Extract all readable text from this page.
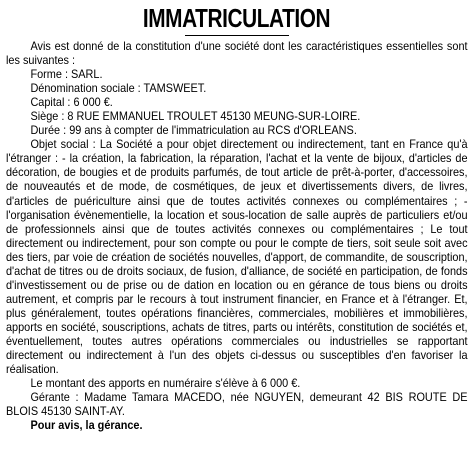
IMMATRICULATION

Avis est donné de la constitution d'une société dont les caractéristiques essentielles sont les suivantes :

Forme : SARL.

Dénomination sociale : TAMSWEET.

Capital : 6 000 €.

Siège : 8 RUE EMMANUEL TROULET 45130 MEUNG-SUR-LOIRE.

Durée : 99 ans à compter de l'immatriculation au RCS d'ORLEANS.

Objet social : La Société a pour objet directement ou indirectement, tant en France qu'à l'étranger : - la création, la fabrication, la réparation, l'achat et la vente de bijoux, d'articles de décoration, de bougies et de produits parfumés, de tout article de prêt-à-porter, d'accessoires, de nouveautés et de mode, de cosmétiques, de jeux et divertissements divers, de livres, d'articles de puériculture ainsi que de toutes activités connexes ou complémentaires ; - l'organisation évènementielle, la location et sous-location de salle auprès de particuliers et/ou de professionnels ainsi que de toutes activités connexes ou complémentaires ; Le tout directement ou indirectement, pour son compte ou pour le compte de tiers, soit seule soit avec des tiers, par voie de création de sociétés nouvelles, d'apport, de commandite, de souscription, d'achat de titres ou de droits sociaux, de fusion, d'alliance, de société en participation, de fonds d'investissement ou de prise ou de dation en location ou en gérance de tous biens ou droits autrement, et compris par le recours à tout instrument financier, en France et à l'étranger. Et, plus généralement, toutes opérations financières, commerciales, mobilières et immobilières, apports en société, souscriptions, achats de titres, parts ou intérêts, constitution de sociétés et, éventuellement, toutes autres opérations commerciales ou industrielles se rapportant directement ou indirectement à l'un des objets ci-dessus ou susceptibles d'en favoriser la réalisation.

Le montant des apports en numéraire s'élève à 6 000 €.

Gérante : Madame Tamara MACEDO, née NGUYEN, demeurant 42 BIS ROUTE DE BLOIS 45130 SAINT-AY.

Pour avis, la gérance.
